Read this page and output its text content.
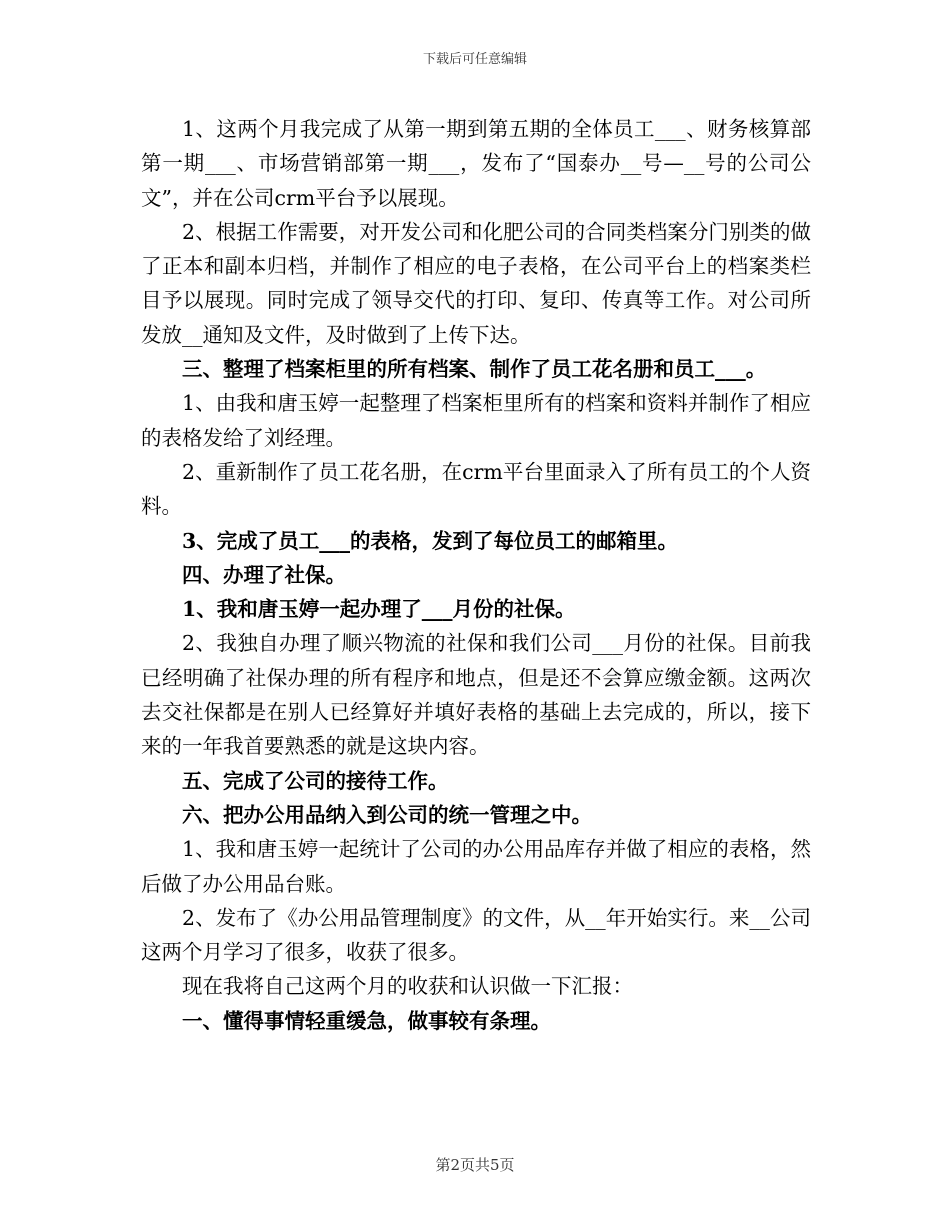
下载后可任意编辑

1、这两个月我完成了从第一期到第五期的全体员工___、财务核算部第一期___、市场营销部第一期___，发布了“国泰办__号—__号的公司公文”，并在公司crm平台予以展现。

2、根据工作需要，对开发公司和化肥公司的合同类档案分门别类的做了正本和副本归档，并制作了相应的电子表格，在公司平台上的档案类栏目予以展现。同时完成了领导交代的打印、复印、传真等工作。对公司所发放__通知及文件，及时做到了上传下达。

三、整理了档案柜里的所有档案、制作了员工花名册和员工___。

1、由我和唐玉婷一起整理了档案柜里所有的档案和资料并制作了相应的表格发给了刘经理。

2、重新制作了员工花名册，在crm平台里面录入了所有员工的个人资料。

3、完成了员工___的表格，发到了每位员工的邮箱里。

四、办理了社保。

1、我和唐玉婷一起办理了___月份的社保。

2、我独自办理了顺兴物流的社保和我们公司___月份的社保。目前我已经明确了社保办理的所有程序和地点，但是还不会算应缴金额。这两次去交社保都是在别人已经算好并填好表格的基础上去完成的，所以，接下来的一年我首要熟悉的就是这块内容。

五、完成了公司的接待工作。

六、把办公用品纳入到公司的统一管理之中。

1、我和唐玉婷一起统计了公司的办公用品库存并做了相应的表格，然后做了办公用品台账。

2、发布了《办公用品管理制度》的文件，从__年开始实行。来__公司这两个月学习了很多，收获了很多。

现在我将自己这两个月的收获和认识做一下汇报：

一、懂得事情轻重缓急，做事较有条理。

第2页共5页
